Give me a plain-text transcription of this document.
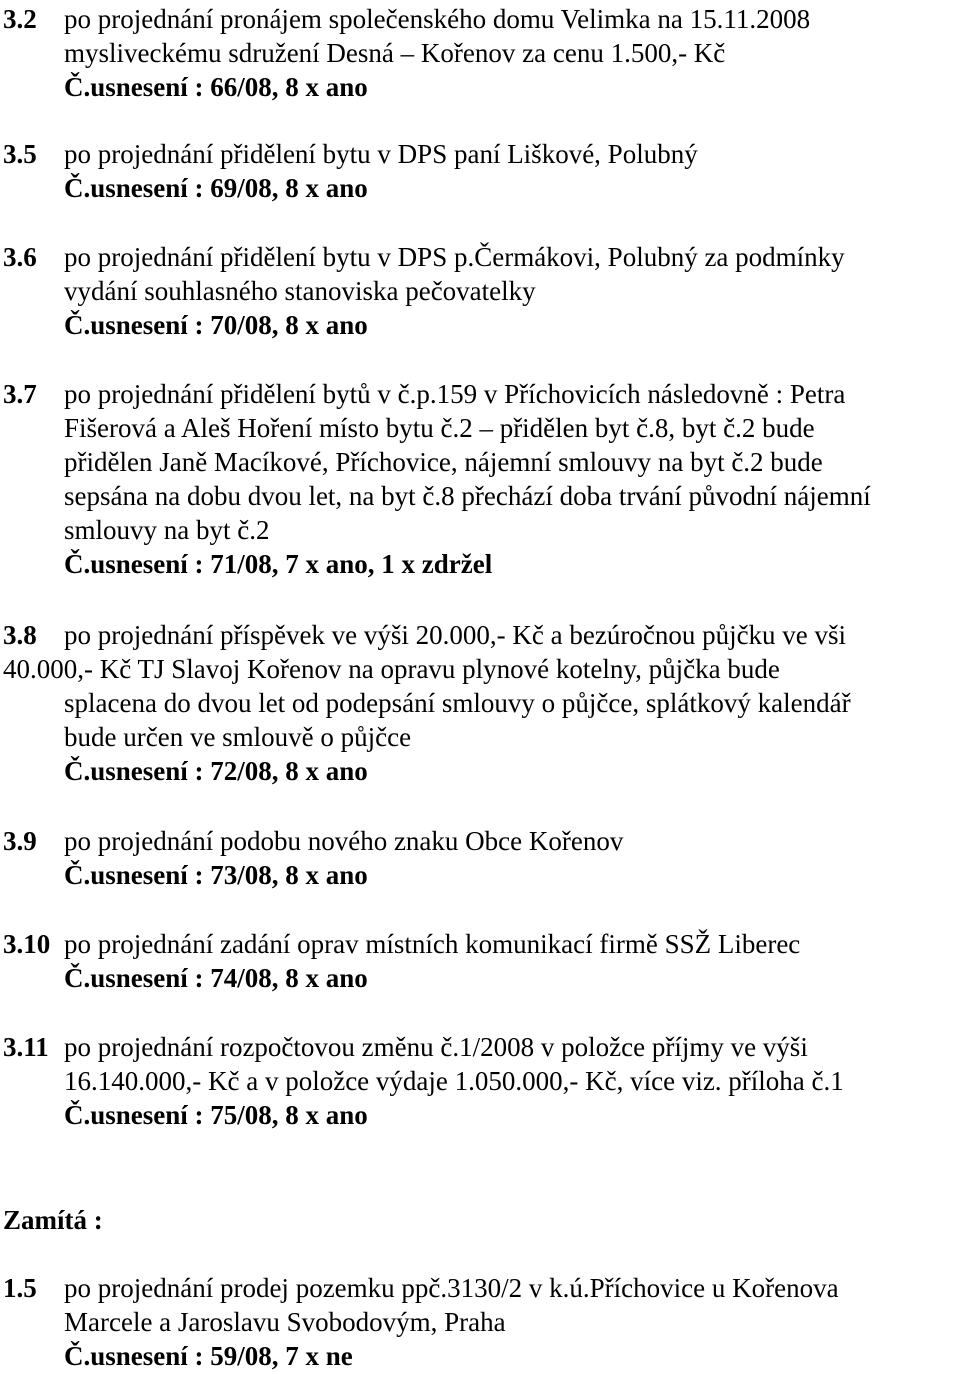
3.2 po projednání pronájem společenského domu Velimka na 15.11.2008
mysliveckému sdružení Desná – Kořenov za cenu 1.500,- Kč
Č.usnesení : 66/08, 8 x ano
3.5 po projednání přidělení bytu v DPS paní Liškové, Polubný
Č.usnesení : 69/08, 8 x ano
3.6 po projednání přidělení bytu v DPS p.Čermákovi, Polubný za podmínky
vydání souhlasného stanoviska pečovatelky
Č.usnesení : 70/08, 8 x ano
3.7 po projednání přidělení bytů v č.p.159 v Příchovicích následovně : Petra
Fišerová a Aleš Hoření místo bytu č.2 – přidělen byt č.8, byt č.2 bude
přidělen Janě Macíkové, Příchovice, nájemní smlouvy na byt č.2 bude
sepsána na dobu dvou let, na byt č.8 přechází doba trvání původní nájemní
smlouvy na byt č.2
Č.usnesení : 71/08, 7 x ano, 1 x zdržel
3.8 po projednání příspěvek ve výši 20.000,- Kč a bezúročnou půjčku ve vši
40.000,- Kč TJ Slavoj Kořenov na opravu plynové kotelny, půjčka bude
splacena do dvou let od podepsání smlouvy o půjčce, splátkový kalendář
bude určen ve smlouvě o půjčce
Č.usnesení : 72/08, 8 x ano
3.9 po projednání podobu nového znaku Obce Kořenov
Č.usnesení : 73/08, 8 x ano
3.10 po projednání zadání oprav místních komunikací firmě SSŽ Liberec
Č.usnesení : 74/08, 8 x ano
3.11 po projednání rozpočtovou změnu č.1/2008 v položce příjmy ve výši
16.140.000,- Kč a v položce výdaje 1.050.000,- Kč, více viz. příloha č.1
Č.usnesení : 75/08, 8 x ano
Zamítá :
1.5 po projednání prodej pozemku ppč.3130/2 v k.ú.Příchovice u Kořenova
Marcele a Jaroslavu Svobodovým, Praha
Č.usnesení : 59/08, 7 x ne
